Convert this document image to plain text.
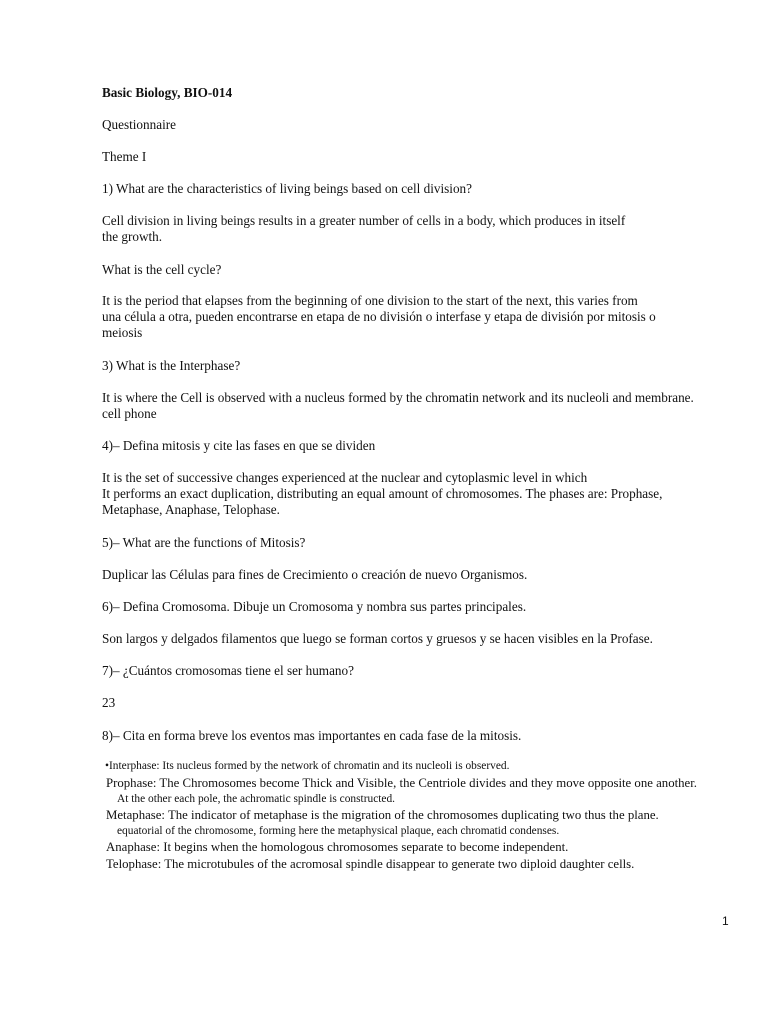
Basic Biology, BIO-014

Questionnaire

Theme I

1) What are the characteristics of living beings based on cell division?

Cell division in living beings results in a greater number of cells in a body, which produces in itself
the growth.

What is the cell cycle?

It is the period that elapses from the beginning of one division to the start of the next, this varies from
una célula a otra, pueden encontrarse en etapa de no división o interfase y etapa de división por mitosis o
meiosis

3) What is the Interphase?

It is where the Cell is observed with a nucleus formed by the chromatin network and its nucleoli and membrane.
cell phone

4)– Defina mitosis y cite las fases en que se dividen

It is the set of successive changes experienced at the nuclear and cytoplasmic level in which
It performs an exact duplication, distributing an equal amount of chromosomes. The phases are: Prophase,
Metaphase, Anaphase, Telophase.

5)– What are the functions of Mitosis?

Duplicar las Células para fines de Crecimiento o creación de nuevo Organismos.

6)– Defina Cromosoma. Dibuje un Cromosoma y nombra sus partes principales.

Son largos y delgados filamentos que luego se forman cortos y gruesos y se hacen visibles en la Profase.

7)– ¿Cuántos cromosomas tiene el ser humano?

23

8)– Cita en forma breve los eventos mas importantes en cada fase de la mitosis.

•Interphase: Its nucleus formed by the network of chromatin and its nucleoli is observed.

Prophase: The Chromosomes become Thick and Visible, the Centriole divides and they move opposite one another.

At the other each pole, the achromatic spindle is constructed.

Metaphase: The indicator of metaphase is the migration of the chromosomes duplicating two thus the plane.

equatorial of the chromosome, forming here the metaphysical plaque, each chromatid condenses.

Anaphase: It begins when the homologous chromosomes separate to become independent.

Telophase: The microtubules of the acromosal spindle disappear to generate two diploid daughter cells.

1
